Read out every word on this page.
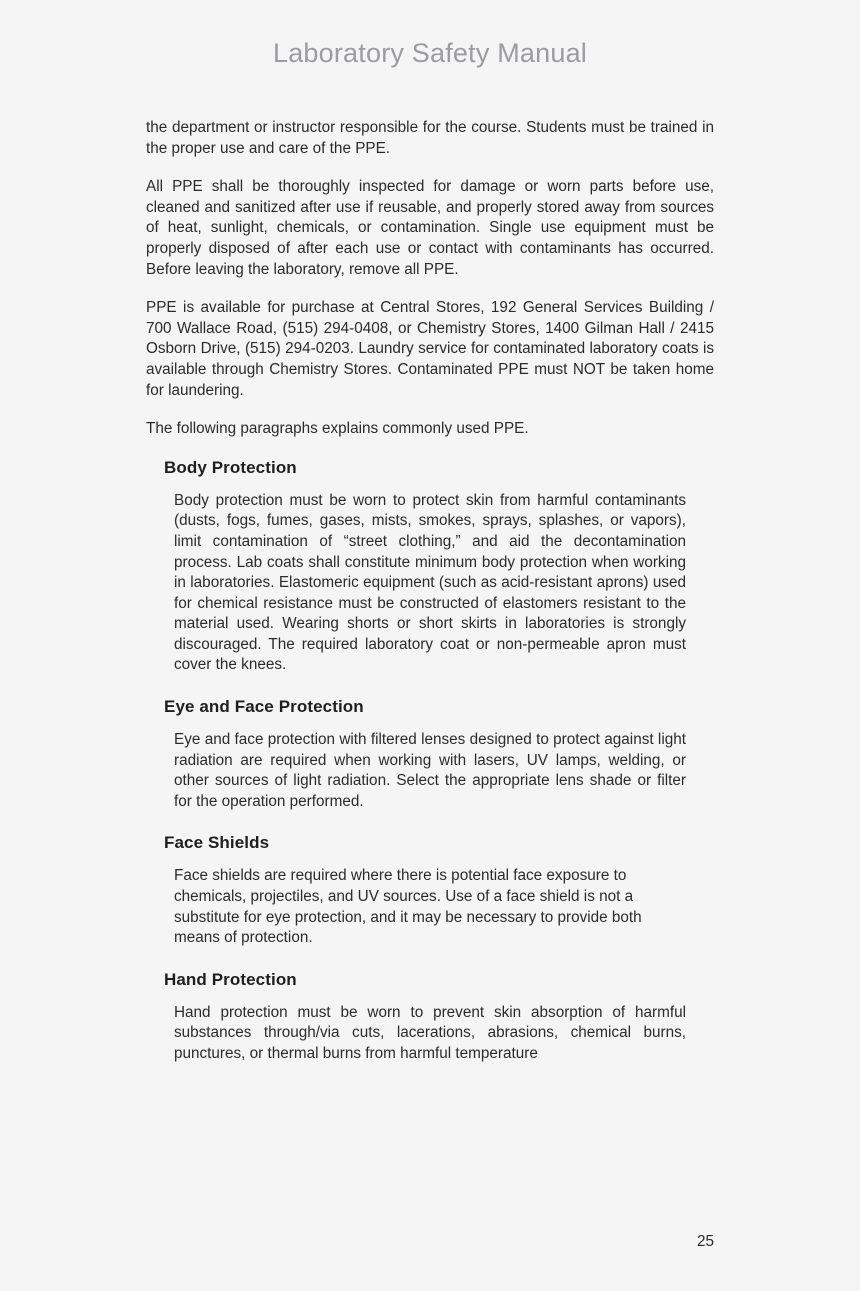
Laboratory Safety Manual

the department or instructor responsible for the course. Students must be trained in the proper use and care of the PPE.

All PPE shall be thoroughly inspected for damage or worn parts before use, cleaned and sanitized after use if reusable, and properly stored away from sources of heat, sunlight, chemicals, or contamination. Single use equipment must be properly disposed of after each use or contact with contaminants has occurred. Before leaving the laboratory, remove all PPE.

PPE is available for purchase at Central Stores, 192 General Services Building / 700 Wallace Road, (515) 294-0408, or Chemistry Stores, 1400 Gilman Hall / 2415 Osborn Drive, (515) 294-0203. Laundry service for contaminated laboratory coats is available through Chemistry Stores. Contaminated PPE must NOT be taken home for laundering.

The following paragraphs explains commonly used PPE.

Body Protection

Body protection must be worn to protect skin from harmful contaminants (dusts, fogs, fumes, gases, mists, smokes, sprays, splashes, or vapors), limit contamination of “street clothing,” and aid the decontamination process. Lab coats shall constitute minimum body protection when working in laboratories. Elastomeric equipment (such as acid-resistant aprons) used for chemical resistance must be constructed of elastomers resistant to the material used. Wearing shorts or short skirts in laboratories is strongly discouraged. The required laboratory coat or non-permeable apron must cover the knees.

Eye and Face Protection

Eye and face protection with filtered lenses designed to protect against light radiation are required when working with lasers, UV lamps, welding, or other sources of light radiation. Select the appropriate lens shade or filter for the operation performed.

Face Shields

Face shields are required where there is potential face exposure to chemicals, projectiles, and UV sources. Use of a face shield is not a substitute for eye protection, and it may be necessary to provide both means of protection.

Hand Protection

Hand protection must be worn to prevent skin absorption of harmful substances through/via cuts, lacerations, abrasions, chemical burns, punctures, or thermal burns from harmful temperature

25
